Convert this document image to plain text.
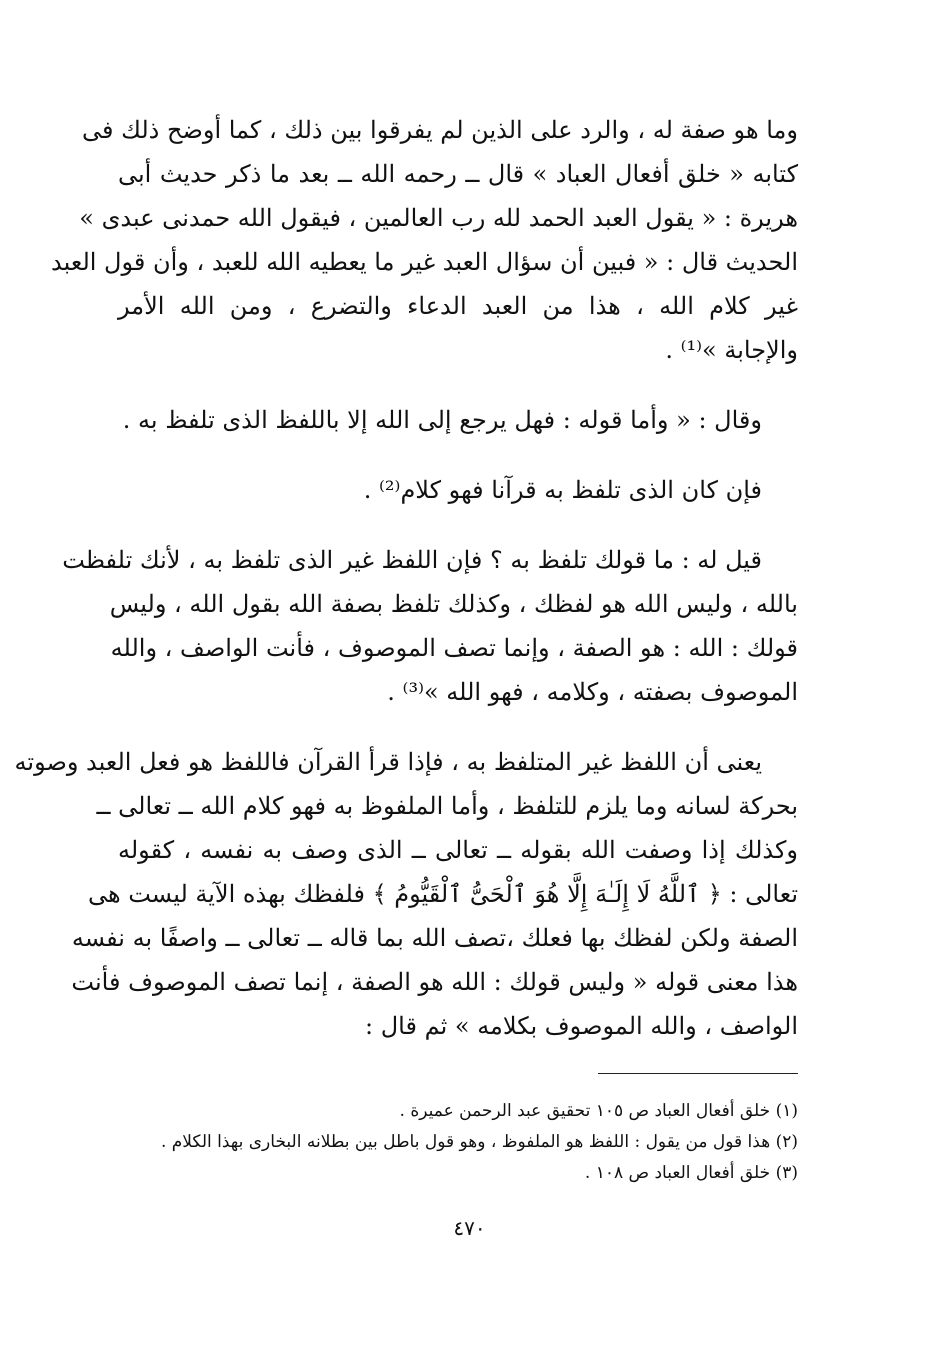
وما هو صفة له ، والرد على الذين لم يفرقوا بين ذلك ، كما أوضح ذلك فى
كتابه « خلق أفعال العباد » قال ــ رحمه الله ــ بعد ما ذكر حديث أبى
هريرة : « يقول العبد الحمد لله رب العالمين ، فيقول الله حمدنى عبدى »
الحديث قال : « فبين أن سؤال العبد غير ما يعطيه الله للعبد ، وأن قول العبد
غير كلام الله ، هذا من العبد الدعاء والتضرع ، ومن الله الأمر
والإجابة »⁽¹⁾ .
وقال : « وأما قوله : فهل يرجع إلى الله إلا باللفظ الذى تلفظ به .
فإن كان الذى تلفظ به قرآنا فهو كلام⁽²⁾ .
قيل له : ما قولك تلفظ به ؟ فإن اللفظ غير الذى تلفظ به ، لأنك تلفظت
بالله ، وليس الله هو لفظك ، وكذلك تلفظ بصفة الله بقول الله ، وليس
قولك : الله : هو الصفة ، وإنما تصف الموصوف ، فأنت الواصف ، والله
الموصوف بصفته ، وكلامه ، فهو الله »⁽³⁾ .
يعنى أن اللفظ غير المتلفظ به ، فإذا قرأ القرآن فاللفظ هو فعل العبد وصوته
بحركة لسانه وما يلزم للتلفظ ، وأما الملفوظ به فهو كلام الله ــ تعالى ــ
وكذلك إذا وصفت الله بقوله ــ تعالى ــ الذى وصف به نفسه ، كقوله
تعالى : ﴿ ٱللَّهُ لَا إِلَـٰهَ إِلَّا هُوَ ٱلْحَىُّ ٱلْقَيُّومُ ﴾ فلفظك بهذه الآية ليست هى
الصفة ولكن لفظك بها فعلك ،تصف الله بما قاله ــ تعالى ــ واصفًا به نفسه
هذا معنى قوله « وليس قولك : الله هو الصفة ، إنما تصف الموصوف فأنت
الواصف ، والله الموصوف بكلامه » ثم قال :
(١) خلق أفعال العباد ص ١٠٥ تحقيق عبد الرحمن عميرة .
(٢) هذا قول من يقول : اللفظ هو الملفوظ ، وهو قول باطل بين بطلانه البخارى بهذا الكلام .
(٣) خلق أفعال العباد ص ١٠٨ .
٤٧٠
